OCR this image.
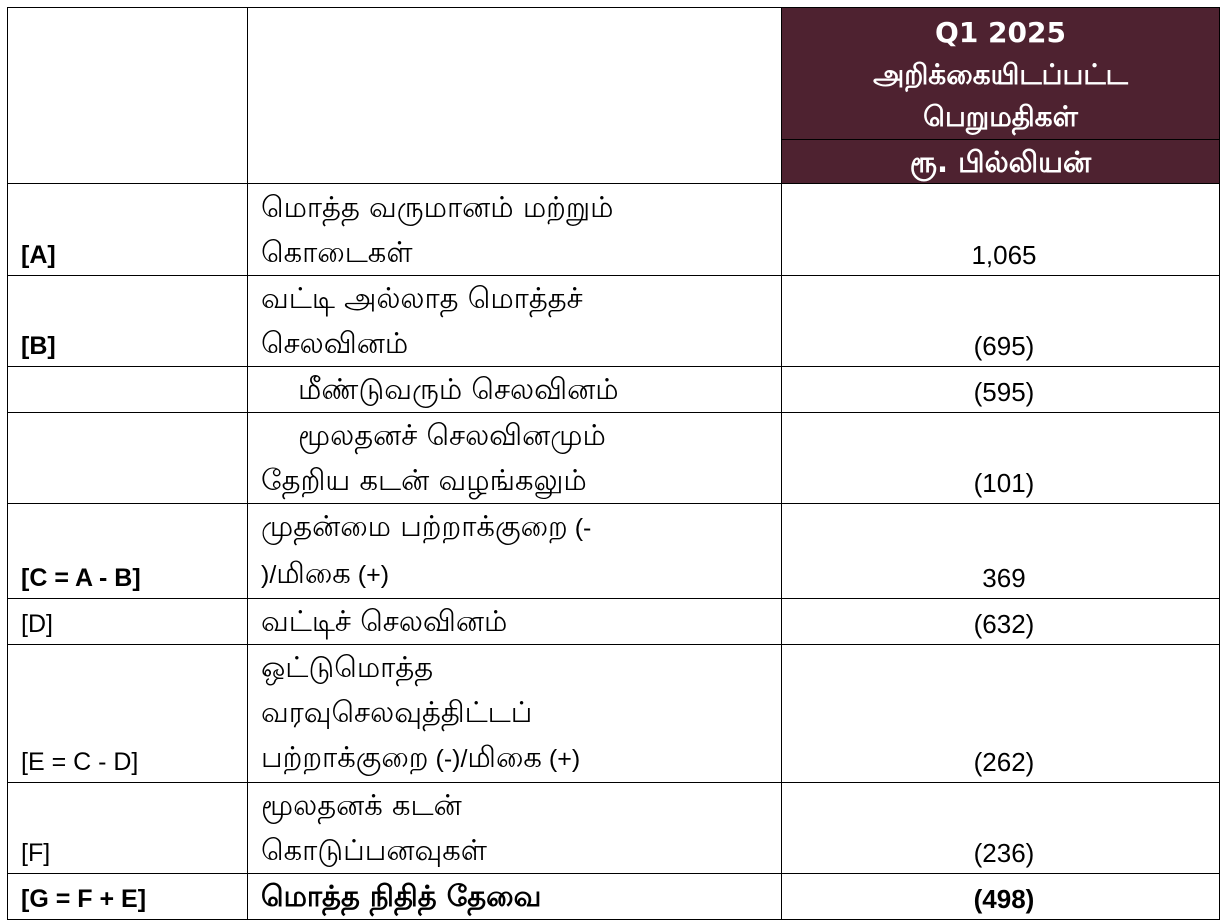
		Q1 2025
அறிக்கையிடப்பட்ட
பெறுமதிகள்

		ரூ. பில்லியன்
[A]	மொத்த வருமானம் மற்றும்
கொடைகள்	1,065
[B]	வட்டி அல்லாத மொத்தச்
செலவினம்	(695)

	மீண்டுவரும் செலவினம்	(595)

	மூலதனச் செலவினமும்
தேறிய கடன் வழங்கலும்	(101)
[C = A - B]	முதன்மை பற்றாக்குறை (-
)/மிகை (+)	369
[D]	வட்டிச் செலவினம்	(632)
[E = C - D]	ஒட்டுமொத்த
வரவுசெலவுத்திட்டப்
பற்றாக்குறை (-)/மிகை (+)	(262)
[F]	மூலதனக் கடன்
கொடுப்பனவுகள்	(236)
[G = F + E]	மொத்த நிதித் தேவை	(498)
